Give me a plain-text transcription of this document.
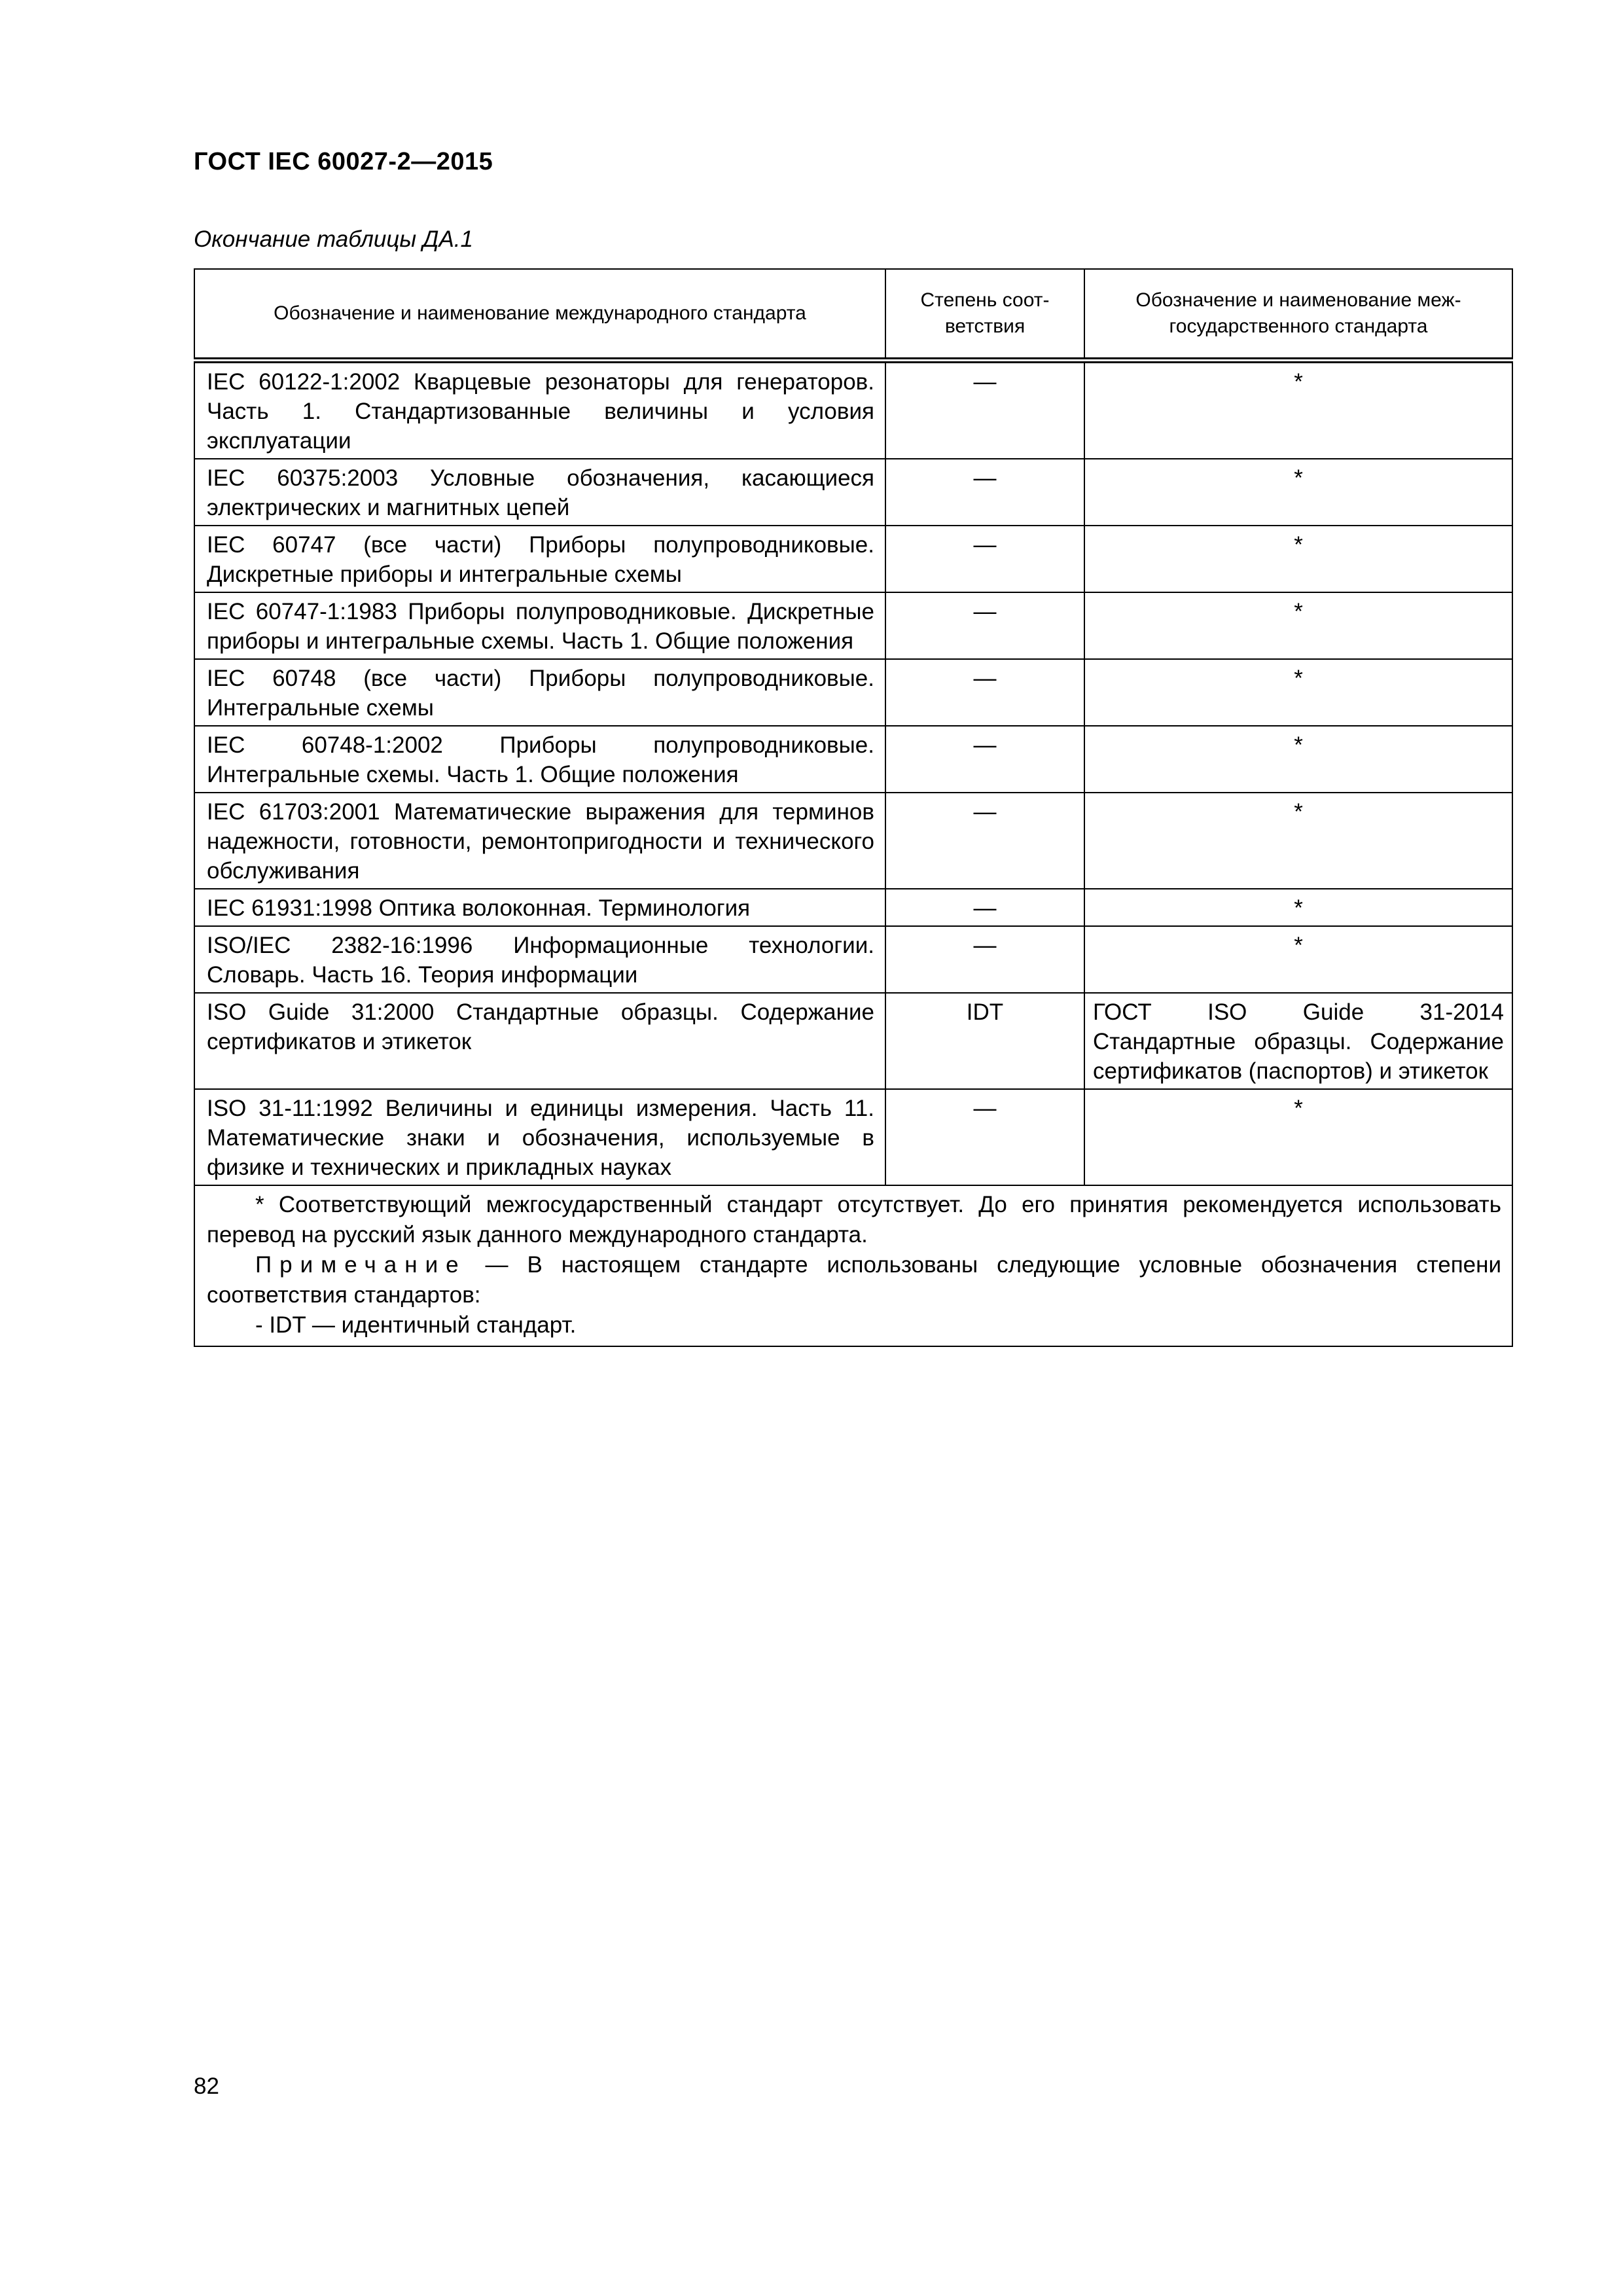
ГОСТ IEC 60027-2—2015
Окончание таблицы ДА.1
Обозначение и наименование международного стандарта	Степень соот-ветствия	Обозначение и наименование меж-государственного стандарта
IEC 60122-1:2002 Кварцевые резонаторы для генераторов. Часть 1. Стандартизованные величины и условия эксплуатации	—	*
IEC 60375:2003 Условные обозначения, касающиеся электрических и магнитных цепей	—	*
IEC 60747 (все части) Приборы полупроводниковые. Дискретные приборы и интегральные схемы	—	*
IEC 60747-1:1983 Приборы полупроводниковые. Дискретные приборы и интегральные схемы. Часть 1. Общие положения	—	*
IEC 60748 (все части) Приборы полупроводниковые. Интегральные схемы	—	*
IEC 60748-1:2002 Приборы полупроводниковые. Интегральные схемы. Часть 1. Общие положения	—	*
IEC 61703:2001 Математические выражения для терминов надежности, готовности, ремонтопригодности и технического обслуживания	—	*
IEC 61931:1998 Оптика волоконная. Терминология	—	*
ISO/IEC 2382-16:1996 Информационные технологии. Словарь. Часть 16. Теория информации	—	*
ISO Guide 31:2000 Стандартные образцы. Содержание сертификатов и этикеток	IDT	ГОСТ ISO Guide 31-2014 Стандартные образцы. Содержание сертификатов (паспортов) и этикеток
ISO 31-11:1992 Величины и единицы измерения. Часть 11. Математические знаки и обозначения, используемые в физике и технических и прикладных науках	—	*

* Соответствующий межгосударственный стандарт отсутствует. До его принятия рекомендуется использовать перевод на русский язык данного международного стандарта.
Примечание — В настоящем стандарте использованы следующие условные обозначения степени соответствия стандартов:
- IDT — идентичный стандарт.		
82
